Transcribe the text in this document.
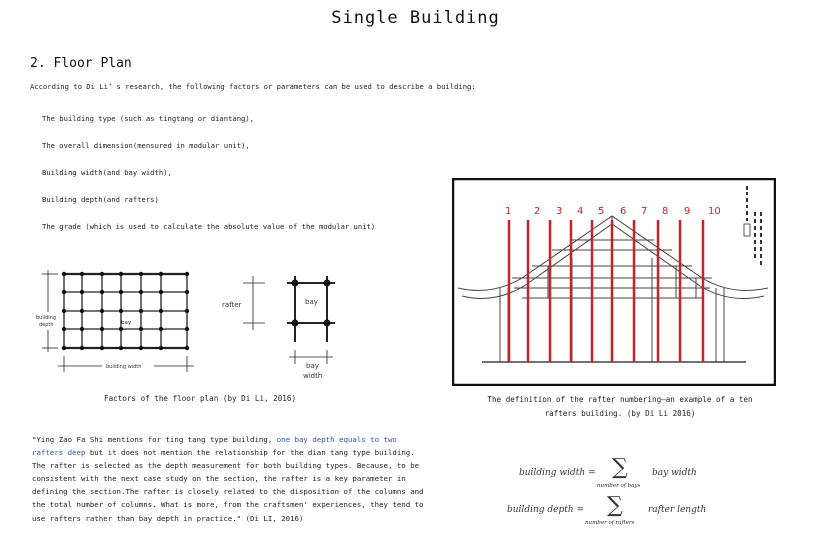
Single Building
2. Floor Plan
According to Di Li’ s research, the following factors or parameters can be used to describe a building:
The building type (such as tingtang or diantang),
The overall dimension(mensured in modular unit),
Building width(and bay width),
Building depth(and rafters)
The grade (which is used to calculate the absolute value of the modular unit)
building
depth	bay
building width
rafter	bay
bay
width
Factors of the floor plan (by Di Li, 2016)
1 2 3 4 5 6 7 8 9 10
The definition of the rafter numbering—an example of a ten rafters building. (by Di Li 2016)
"Ying Zao Fa Shi mentions for ting tang type building, one bay depth equals to two rafters deep but it does not mention the relationship for the dian tang type building. The rafter is selected as the depth measurement for both building types. Because, to be consistent with the next case study on the section, the rafter is a key parameter in defining the section.The rafter is closely related to the disposition of the columns and the total number of columns. What is more, from the craftsmen' experiences, they tend to use rafters rather than bay depth in practice." (Di LI, 2016)
building width = ∑
number of bays
bay width
building depth = ∑
number of rafters
rafter length
